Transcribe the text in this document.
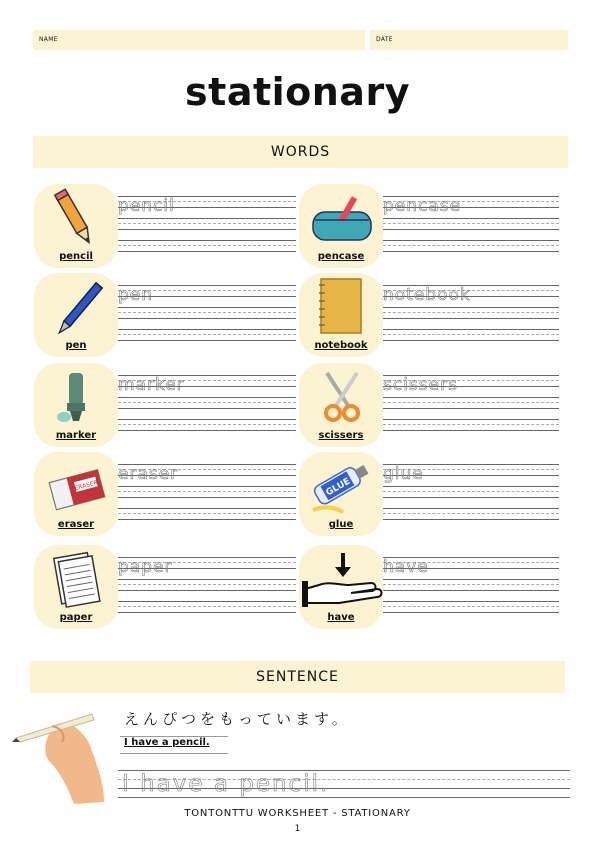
NAME	DATE
stationary
WORDS
pencil
pencil
pencase
pencase
pen
pen
notebook
notebook
marker
marker
scissers
scissers
ERASER
eraser
eraser
GLUE
glue
glue
paper
paper
have
have
SENTENCE
えんぴつをもっています。
I have a pencil.
I have a pencil.
TONTONTTU WORKSHEET - STATIONARY
1
